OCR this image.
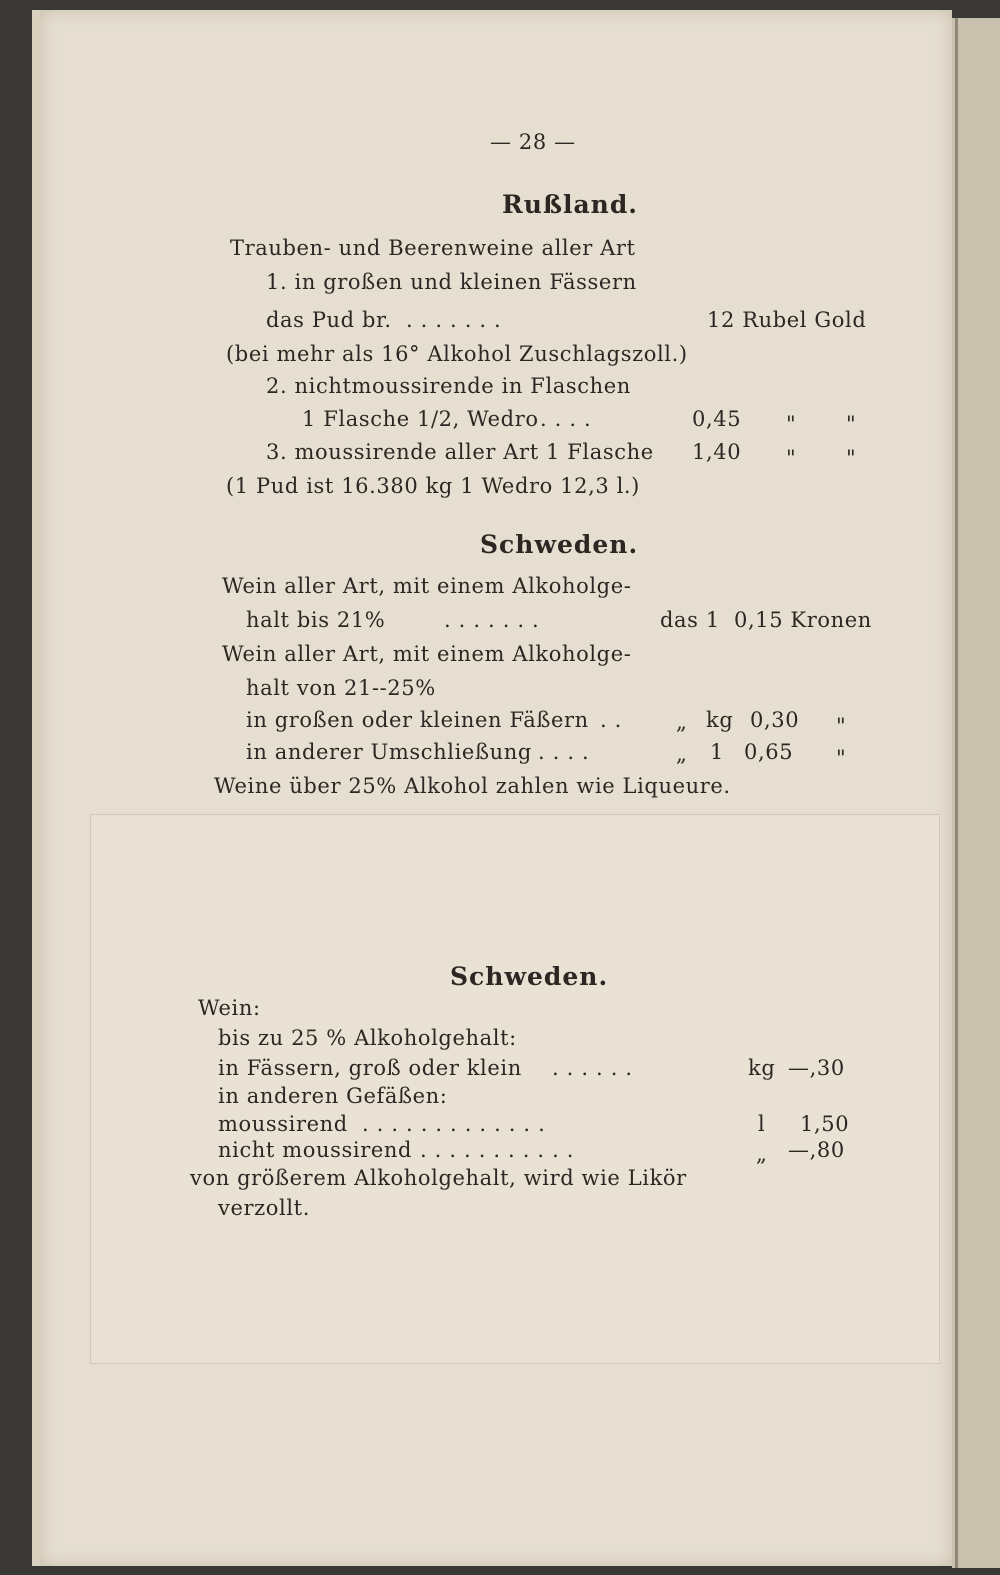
— 28 —
Rußland.
Trauben- und Beerenweine aller Art
1. in großen und kleinen Fässern
das Pud br. .......	12 Rubel Gold
(bei mehr als 16° Alkohol Zuschlagszoll.)
2. nichtmoussirende in Flaschen
1 Flasche 1/2, Wedro ....	0,45 " "
3. moussirende aller Art 1 Flasche 1,40 " "
(1 Pud ist 16.380 kg 1 Wedro 12,3 l.)
Schweden.
Wein aller Art, mit einem Alkoholge-
halt bis 21%	.......	das 1 0,15 Kronen
Wein aller Art, mit einem Alkoholge-
halt von 21--25%
in großen oder kleinen Fäßern .. „ kg 0,30 "
in anderer Umschließung ....	„ 1 0,65 "
Weine über 25% Alkohol zahlen wie Liqueure.
Schweden.
Wein:
bis zu 25 % Alkoholgehalt:
in Fässern, groß oder klein ......	kg —,30
in anderen Gefäßen:
moussirend .............	l 1,50
nicht moussirend ...........	„ —,80
von größerem Alkoholgehalt, wird wie Likör
verzollt.
